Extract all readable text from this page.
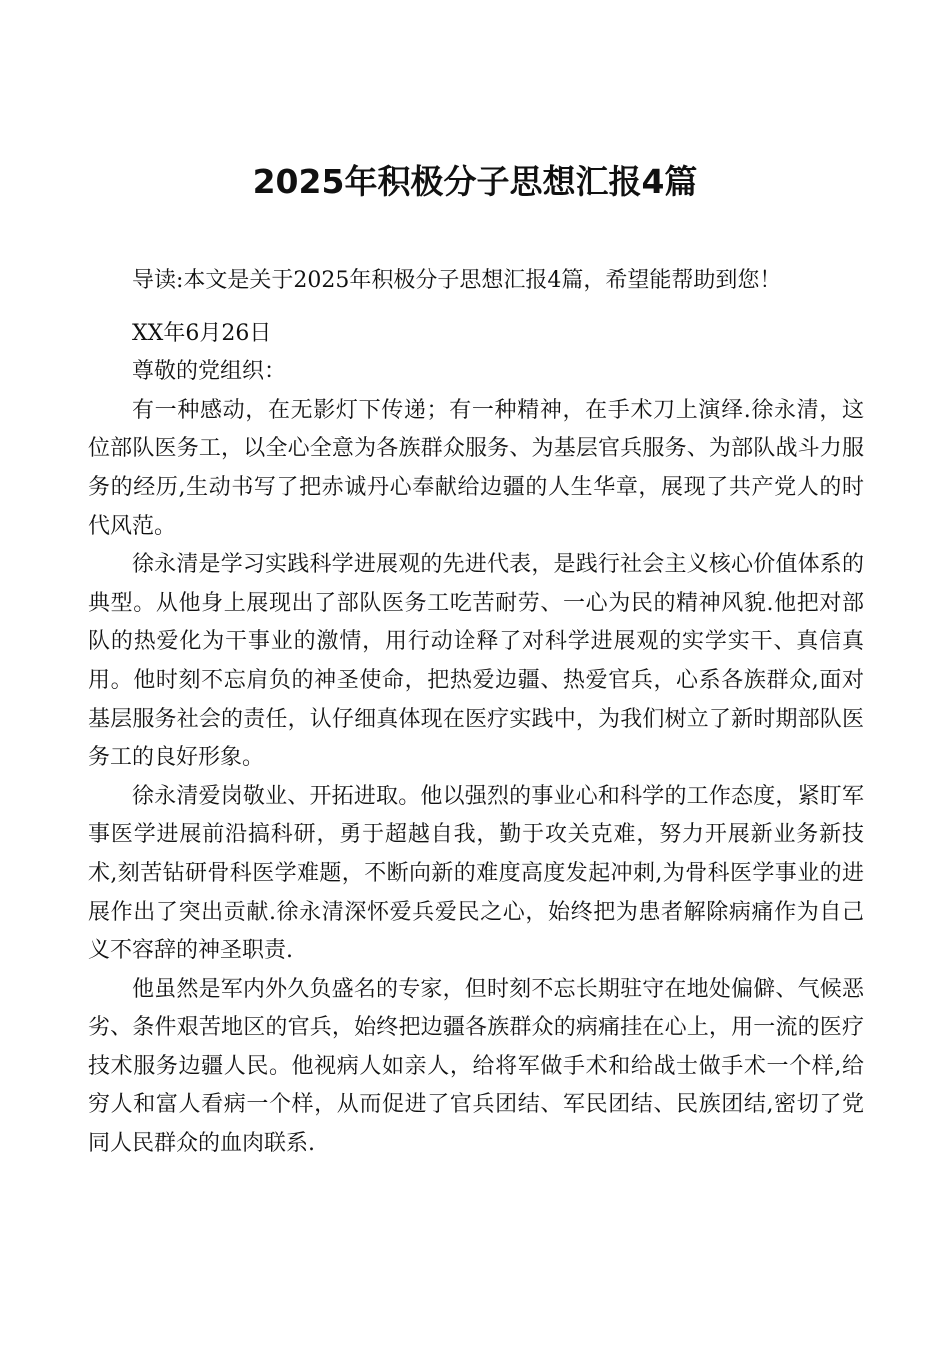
2025年积极分子思想汇报4篇

导读:本文是关于2025年积极分子思想汇报4篇，希望能帮助到您！

XX年6月26日

尊敬的党组织：

有一种感动，在无影灯下传递；有一种精神，在手术刀上演绎.徐永清，这位部队医务工，以全心全意为各族群众服务、为基层官兵服务、为部队战斗力服务的经历,生动书写了把赤诚丹心奉献给边疆的人生华章，展现了共产党人的时代风范。

徐永清是学习实践科学进展观的先进代表，是践行社会主义核心价值体系的典型。从他身上展现出了部队医务工吃苦耐劳、一心为民的精神风貌.他把对部队的热爱化为干事业的激情，用行动诠释了对科学进展观的实学实干、真信真用。他时刻不忘肩负的神圣使命，把热爱边疆、热爱官兵，心系各族群众,面对基层服务社会的责任，认仔细真体现在医疗实践中，为我们树立了新时期部队医务工的良好形象。

徐永清爱岗敬业、开拓进取。他以强烈的事业心和科学的工作态度，紧盯军事医学进展前沿搞科研，勇于超越自我，勤于攻关克难，努力开展新业务新技术,刻苦钻研骨科医学难题，不断向新的难度高度发起冲刺,为骨科医学事业的进展作出了突出贡献.徐永清深怀爱兵爱民之心，始终把为患者解除病痛作为自己义不容辞的神圣职责.

他虽然是军内外久负盛名的专家，但时刻不忘长期驻守在地处偏僻、气候恶劣、条件艰苦地区的官兵，始终把边疆各族群众的病痛挂在心上，用一流的医疗技术服务边疆人民。他视病人如亲人，给将军做手术和给战士做手术一个样,给穷人和富人看病一个样，从而促进了官兵团结、军民团结、民族团结,密切了党同人民群众的血肉联系.
